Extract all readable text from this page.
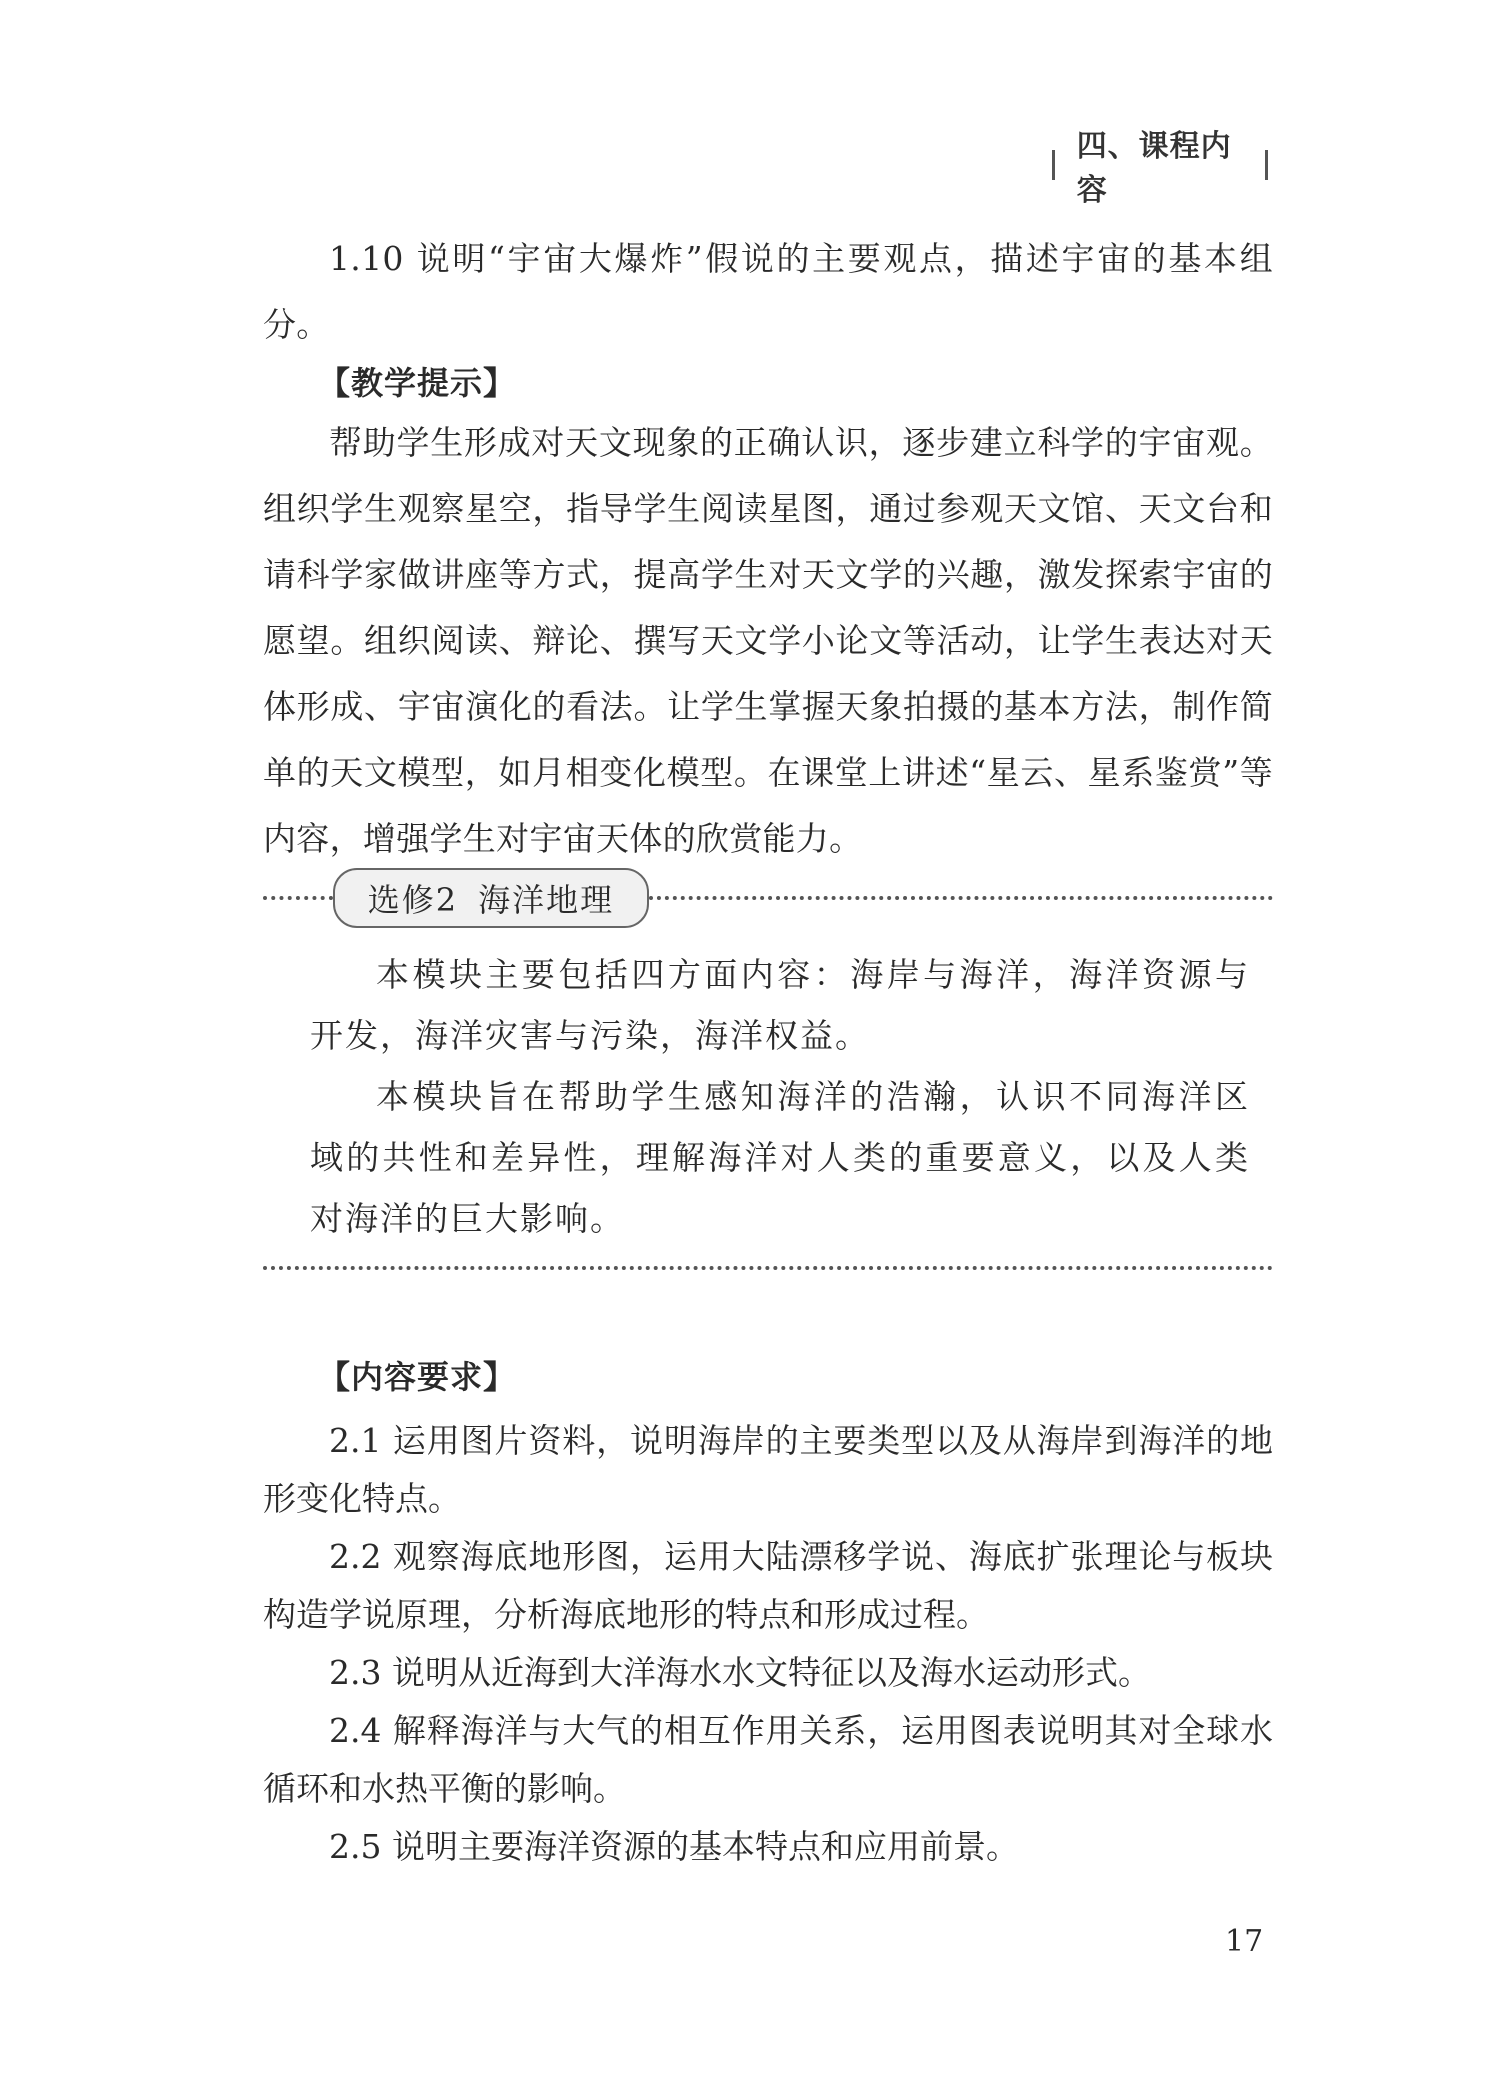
四、课程内容

1.10 说明“宇宙大爆炸”假说的主要观点，描述宇宙的基本组分。

【教学提示】

帮助学生形成对天文现象的正确认识，逐步建立科学的宇宙观。组织学生观察星空，指导学生阅读星图，通过参观天文馆、天文台和请科学家做讲座等方式，提高学生对天文学的兴趣，激发探索宇宙的愿望。组织阅读、辩论、撰写天文学小论文等活动，让学生表达对天体形成、宇宙演化的看法。让学生掌握天象拍摄的基本方法，制作简单的天文模型，如月相变化模型。在课堂上讲述“星云、星系鉴赏”等内容，增强学生对宇宙天体的欣赏能力。

选修2 海洋地理

本模块主要包括四方面内容：海岸与海洋，海洋资源与开发，海洋灾害与污染，海洋权益。

本模块旨在帮助学生感知海洋的浩瀚，认识不同海洋区域的共性和差异性，理解海洋对人类的重要意义，以及人类对海洋的巨大影响。

【内容要求】

2.1 运用图片资料，说明海岸的主要类型以及从海岸到海洋的地形变化特点。

2.2 观察海底地形图，运用大陆漂移学说、海底扩张理论与板块构造学说原理，分析海底地形的特点和形成过程。

2.3 说明从近海到大洋海水水文特征以及海水运动形式。

2.4 解释海洋与大气的相互作用关系，运用图表说明其对全球水循环和水热平衡的影响。

2.5 说明主要海洋资源的基本特点和应用前景。

17
